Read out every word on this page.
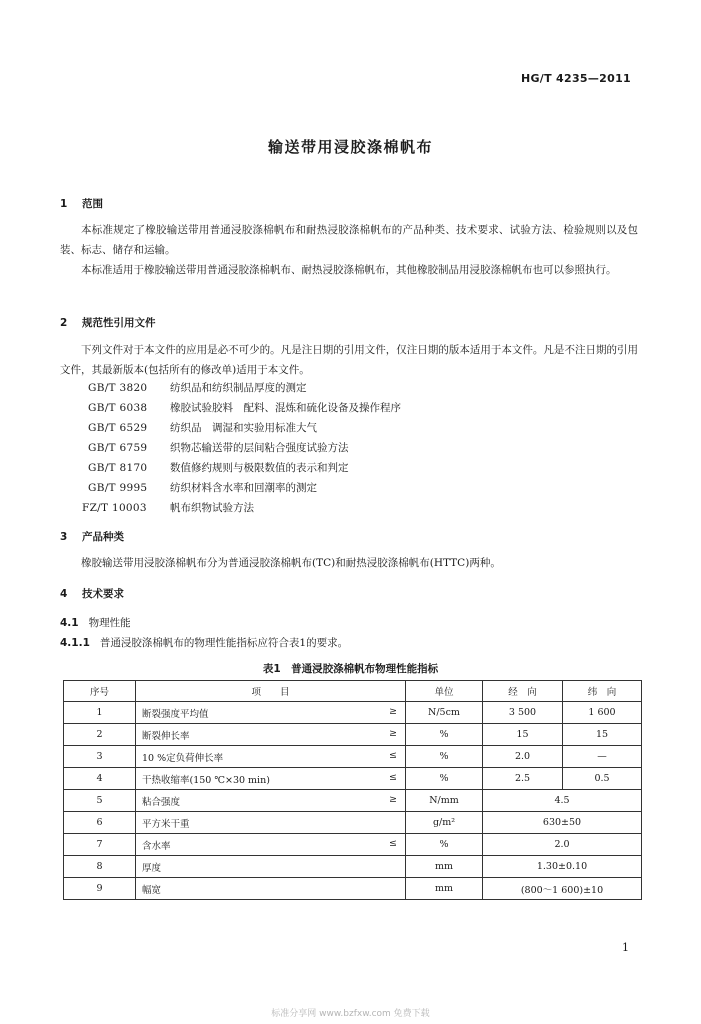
HG/T 4235—2011
输送带用浸胶涤棉帆布
1 范围

本标准规定了橡胶输送带用普通浸胶涤棉帆布和耐热浸胶涤棉帆布的产品种类、技术要求、试验方法、检验规则以及包装、标志、储存和运输。

本标准适用于橡胶输送带用普通浸胶涤棉帆布、耐热浸胶涤棉帆布，其他橡胶制品用浸胶涤棉帆布也可以参照执行。

2 规范性引用文件

下列文件对于本文件的应用是必不可少的。凡是注日期的引用文件，仅注日期的版本适用于本文件。凡是不注日期的引用文件，其最新版本(包括所有的修改单)适用于本文件。

GB/T 3820 纺织品和纺织制品厚度的测定
GB/T 6038 橡胶试验胶料　配料、混炼和硫化设备及操作程序
GB/T 6529 纺织品　调湿和实验用标准大气
GB/T 6759 织物芯输送带的层间粘合强度试验方法
GB/T 8170 数值修约规则与极限数值的表示和判定
GB/T 9995 纺织材料含水率和回潮率的测定
FZ/T 10003 帆布织物试验方法
3 产品种类

橡胶输送带用浸胶涤棉帆布分为普通浸胶涤棉帆布(TC)和耐热浸胶涤棉帆布(HTTC)两种。

4 技术要求
4.1 物理性能
4.1.1 普通浸胶涤棉帆布的物理性能指标应符合表1的要求。
表1　普通浸胶涤棉帆布物理性能指标
序号	项　　目	单位	经　向	纬　向
1	断裂强度平均值 ≥	N/5cm	3 500	1 600
2	断裂伸长率 ≥	%	15	15
3	10 %定负荷伸长率 ≤	%	2.0	—
4	干热收缩率(150 ℃×30 min) ≤	%	2.5	0.5
5	粘合强度 ≥	N/mm	4.5	
6	平方米干重	g/m²	630±50	
7	含水率 ≤	%	2.0	
8	厚度	mm	1.30±0.10	
9	幅宽	mm	(800～1 600)±10	
1
标准分享网 www.bzfxw.com 免费下载
